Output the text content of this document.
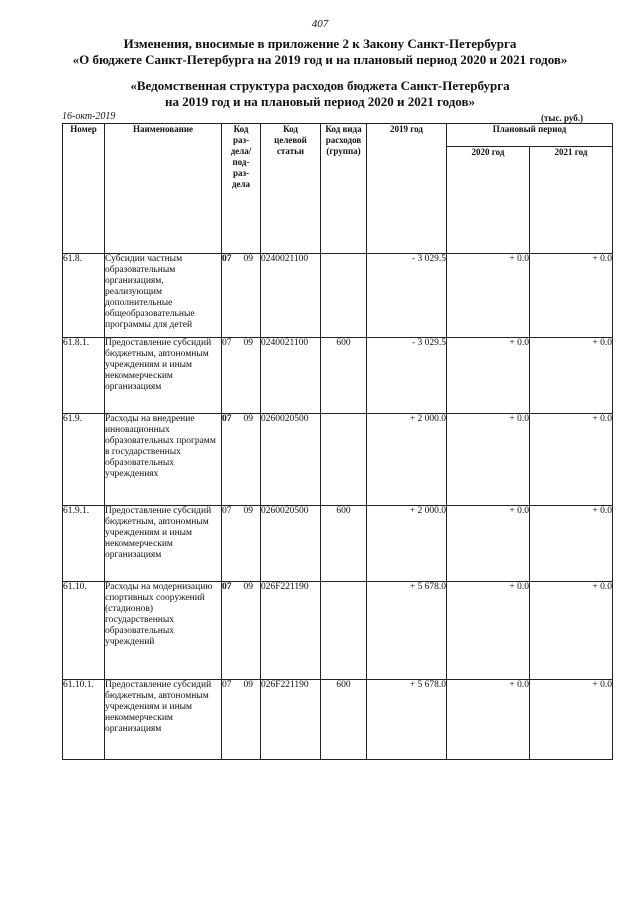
407
Изменения, вносимые в приложение 2 к Закону Санкт-Петербурга
«О бюджете Санкт-Петербурга на 2019 год и на плановый период 2020 и 2021 годов»
«Ведомственная структура расходов бюджета Санкт-Петербурга
на 2019 год и на плановый период 2020 и 2021 годов»
16-окт-2019	(тыс. руб.)
Номер	Наименование	Код раз-дела/ под-раз-дела	Код целевой статьи	Код вида расходов (группа)	2019 год	Плановый период	
						2020 год	2021 год
61.8.	Субсидии частным образовательным организациям, реализующим дополнительные общеобразовательные программы для детей	07 09	0240021100		- 3 029.5	+ 0.0	+ 0.0
61.8.1.	Предоставление субсидий бюджетным, автономным учреждениям и иным некоммерческим организациям	07 09	0240021100	600	- 3 029.5	+ 0.0	+ 0.0
61.9.	Расходы на внедрение инновационных образовательных программ в государственных образовательных учреждениях	07 09	0260020500		+ 2 000.0	+ 0.0	+ 0.0
61.9.1.	Предоставление субсидий бюджетным, автономным учреждениям и иным некоммерческим организациям	07 09	0260020500	600	+ 2 000.0	+ 0.0	+ 0.0
61.10.	Расходы на модернизацию спортивных сооружений (стадионов) государственных образовательных учреждений	07 09	026F221190		+ 5 678.0	+ 0.0	+ 0.0
61.10.1.	Предоставление субсидий бюджетным, автономным учреждениям и иным некоммерческим организациям	07 09	026F221190	600	+ 5 678.0	+ 0.0	+ 0.0
